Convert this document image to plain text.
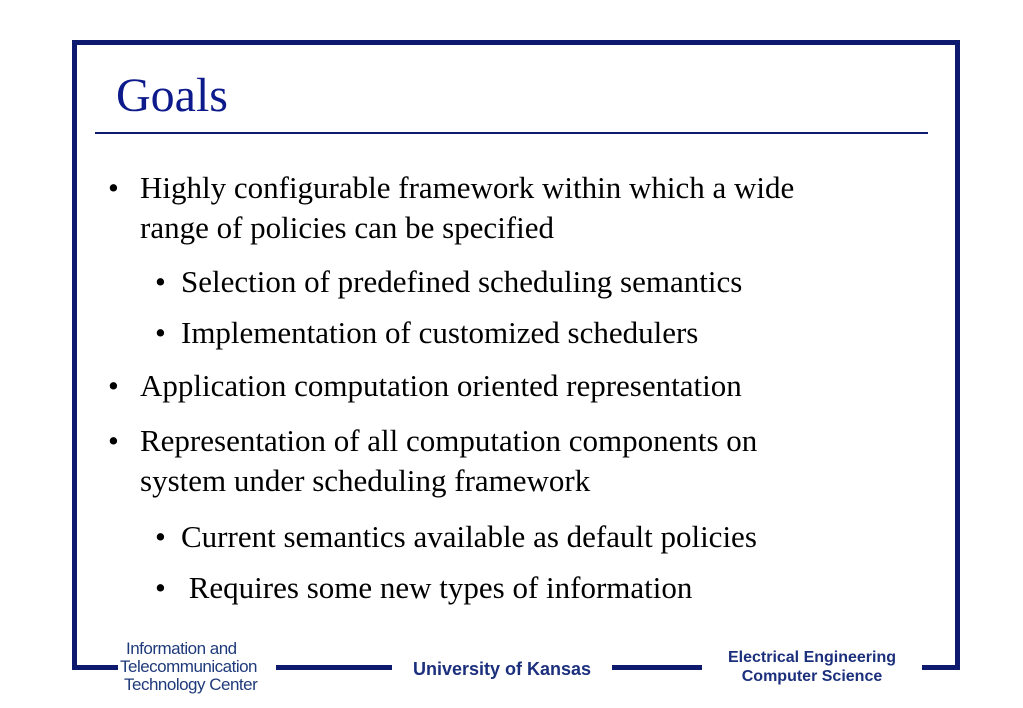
Goals
• Highly configurable framework within which a wide
range of policies can be specified
• Selection of predefined scheduling semantics
• Implementation of customized schedulers
• Application computation oriented representation
• Representation of all computation components on
system under scheduling framework
• Current semantics available as default policies
• Requires some new types of information
Information and
Telecommunication
Technology Center
University of Kansas
Electrical Engineering
Computer Science
